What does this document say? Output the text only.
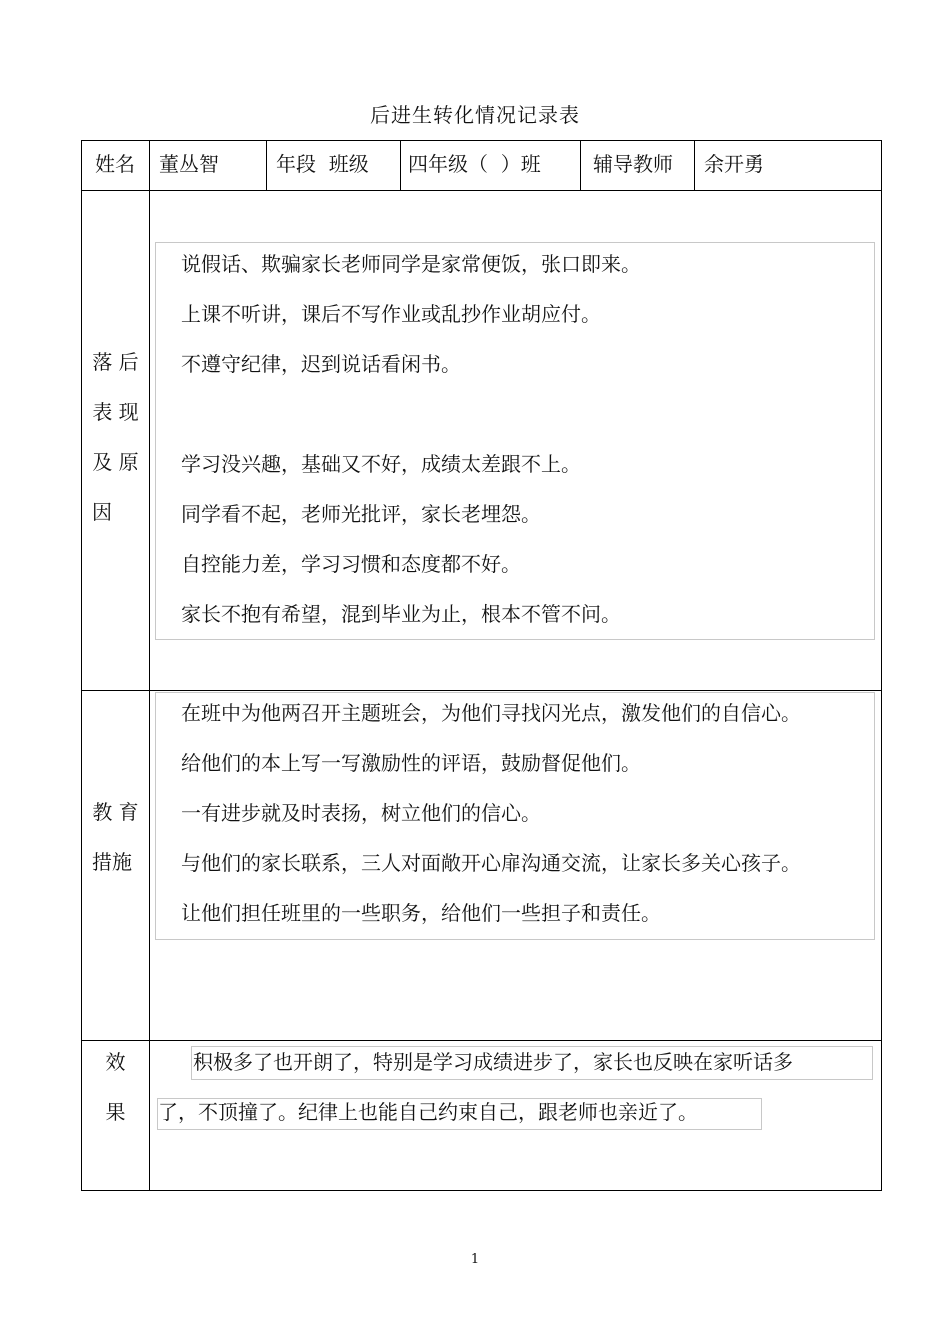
后进生转化情况记录表
姓名 董丛智	年段  班级 四年级（  ）班	辅导教师 余开勇
落 后
表 现
及 原
因
教 育
措施
效
果
说假话、欺骗家长老师同学是家常便饭，张口即来。
上课不听讲，课后不写作业或乱抄作业胡应付。
不遵守纪律，迟到说话看闲书。
学习没兴趣，基础又不好，成绩太差跟不上。
同学看不起，老师光批评，家长老埋怨。
自控能力差，学习习惯和态度都不好。
家长不抱有希望，混到毕业为止，根本不管不问。
在班中为他两召开主题班会，为他们寻找闪光点，激发他们的自信心。
给他们的本上写一写激励性的评语，鼓励督促他们。
一有进步就及时表扬，树立他们的信心。
与他们的家长联系，三人对面敞开心扉沟通交流，让家长多关心孩子。
让他们担任班里的一些职务，给他们一些担子和责任。
积极多了也开朗了，特别是学习成绩进步了，家长也反映在家听话多
了，不顶撞了。纪律上也能自己约束自己，跟老师也亲近了。
1
